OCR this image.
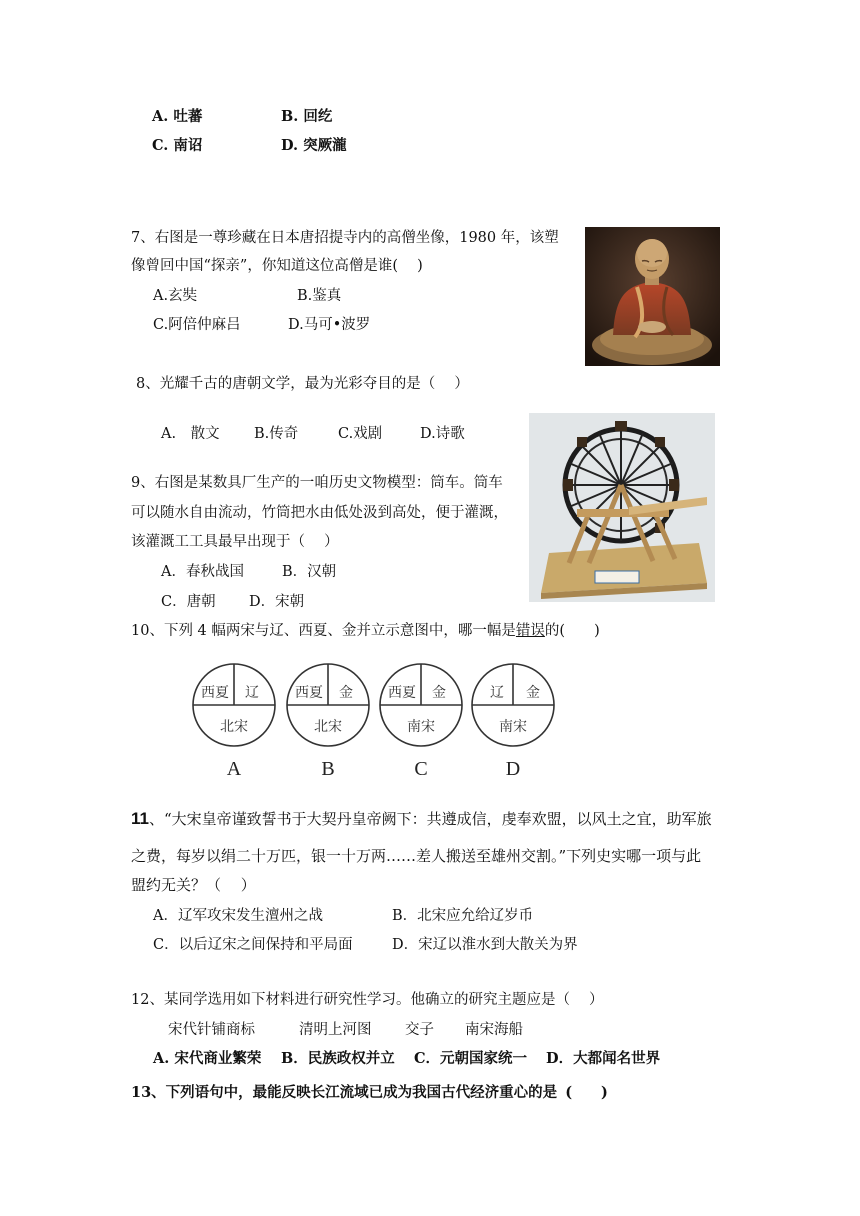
A. 吐蕃	B. 回纥
C. 南诏	D. 突厥瀧
7、右图是一尊珍藏在日本唐招提寺内的高僧坐像，1980 年，该塑
像曾回中国“探亲”，你知道这位高僧是谁(　 )
A.玄奘	B.鉴真
C.阿倍仲麻吕	D.马可•波罗
8、光耀千古的唐朝文学，最为光彩夺目的是（　 ）
A.　散文 B.传奇	C.戏剧	D.诗歌
9、右图是某数具厂生产的一咱历史文物模型：筒车。筒车
可以随水自由流动，竹筒把水由低处汲到高处，便于灌溉，
该灌溉工工具最早出现于（　 ）
A．春秋战国	B．汉朝
C．唐朝 D．宋朝
10、下列 4 幅两宋与辽、西夏、金并立示意图中，哪一幅是错误的(　　)
西夏 辽
北宋
A
西夏 金
北宋
B
西夏 金
南宋
C
辽 金
南宋
D
11、“大宋皇帝谨致誓书于大契丹皇帝阙下：共遵成信，虔奉欢盟，以风土之宜，助军旅
之费，每岁以绢二十万匹，银一十万两……差人搬送至雄州交割。”下列史实哪一项与此
盟约无关？（　 ）
A．辽军攻宋发生澶州之战	B．北宋应允给辽岁币
C．以后辽宋之间保持和平局面	D．宋辽以淮水到大散关为界
12、某同学选用如下材料进行研究性学习。他确立的研究主题应是（　 ）
宋代针铺商标	清明上河图 交子 南宋海船
A. 宋代商业繁荣 B．民族政权并立 C．元朝国家统一 D．大都闻名世界
13、下列语句中，最能反映长江流域已成为我国古代经济重心的是 (　　)
